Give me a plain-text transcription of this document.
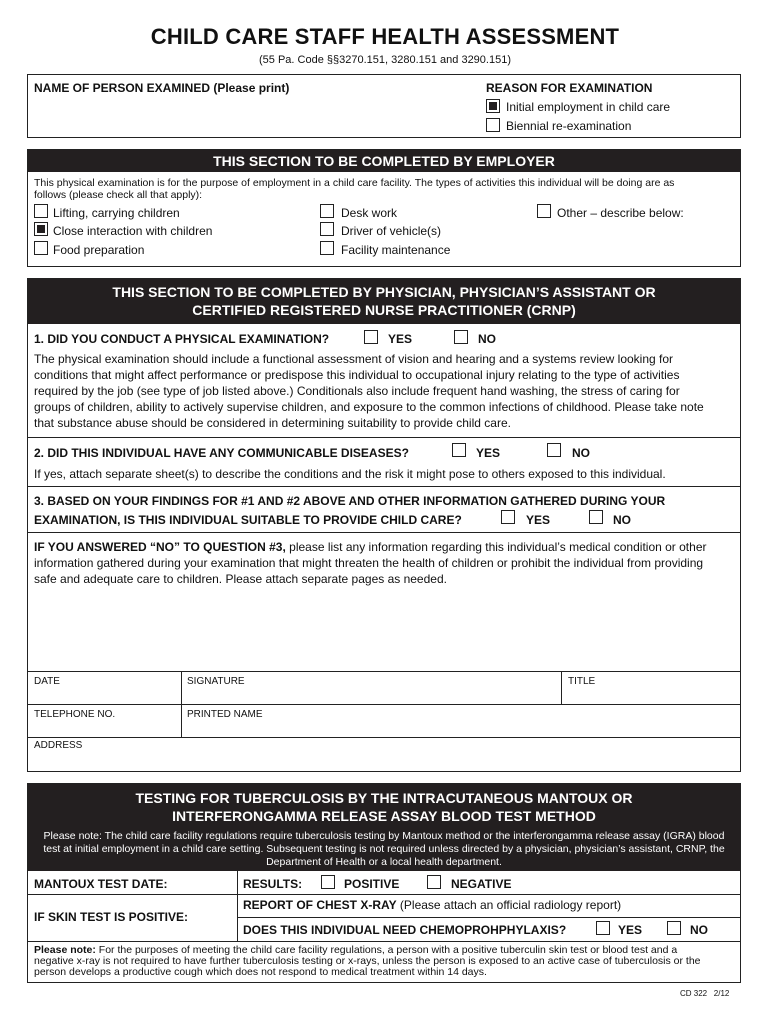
CHILD CARE STAFF HEALTH ASSESSMENT
(55 Pa. Code §§3270.151, 3280.151 and 3290.151)
NAME OF PERSON EXAMINED (Please print)	REASON FOR EXAMINATION
Initial employment in child care
Biennial re-examination
THIS SECTION TO BE COMPLETED BY EMPLOYER
This physical examination is for the purpose of employment in a child care facility. The types of activities this individual will be doing are as
follows (please check all that apply):
Lifting, carrying children
Close interaction with children
Food preparation
Desk work
Driver of vehicle(s)
Facility maintenance
Other – describe below:
THIS SECTION TO BE COMPLETED BY PHYSICIAN, PHYSICIAN’S ASSISTANT OR
CERTIFIED REGISTERED NURSE PRACTITIONER (CRNP)
1. DID YOU CONDUCT A PHYSICAL EXAMINATION?	YES	NO
The physical examination should include a functional assessment of vision and hearing and a systems review looking for
conditions that might affect performance or predispose this individual to occupational injury relating to the type of activities
required by the job (see type of job listed above.) Conditionals also include frequent hand washing, the stress of caring for
groups of children, ability to actively supervise children, and exposure to the common infections of childhood. Please take note
that substance abuse should be considered in determining suitability to provide child care.
2. DID THIS INDIVIDUAL HAVE ANY COMMUNICABLE DISEASES?	YES	NO
If yes, attach separate sheet(s) to describe the conditions and the risk it might pose to others exposed to this individual.
3. BASED ON YOUR FINDINGS FOR #1 AND #2 ABOVE AND OTHER INFORMATION GATHERED DURING YOUR
EXAMINATION, IS THIS INDIVIDUAL SUITABLE TO PROVIDE CHILD CARE?	YES	NO
IF YOU ANSWERED “NO” TO QUESTION #3, please list any information regarding this individual’s medical condition or other
information gathered during your examination that might threaten the health of children or prohibit the individual from providing
safe and adequate care to children. Please attach separate pages as needed.
DATE	SIGNATURE	TITLE
TELEPHONE NO.	PRINTED NAME
ADDRESS
TESTING FOR TUBERCULOSIS BY THE INTRACUTANEOUS MANTOUX OR
INTERFERONGAMMA RELEASE ASSAY BLOOD TEST METHOD
Please note: The child care facility regulations require tuberculosis testing by Mantoux method or the interferongamma release assay (IGRA) blood
test at initial employment in a child care setting. Subsequent testing is not required unless directed by a physician, physician’s assistant, CRNP, the
Department of Health or a local health department.
MANTOUX TEST DATE:	RESULTS:	POSITIVE	NEGATIVE
IF SKIN TEST IS POSITIVE:
REPORT OF CHEST X-RAY (Please attach an official radiology report)
DOES THIS INDIVIDUAL NEED CHEMOPROHPHYLAXIS?	YES	NO
Please note: For the purposes of meeting the child care facility regulations, a person with a positive tuberculin skin test or blood test and a
negative x-ray is not required to have further tuberculosis testing or x-rays, unless the person is exposed to an active case of tuberculosis or the
person develops a productive cough which does not respond to medical treatment within 14 days.
CD 322   2/12
